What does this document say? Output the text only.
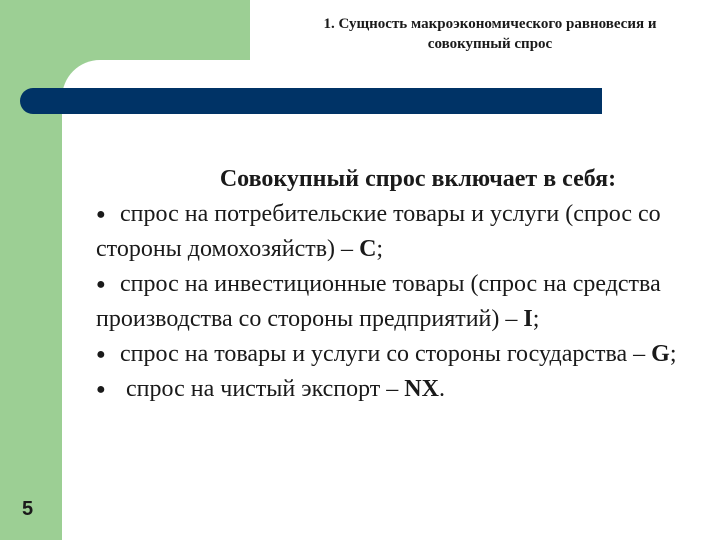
1. Сущность макроэкономического равновесия и
совокупный спрос

Совокупный спрос включает в себя:

● спрос на потребительские товары и услуги (спрос со стороны домохозяйств) – C;
● спрос на инвестиционные товары (спрос на средства производства со стороны предприятий) – I;
● спрос на товары и услуги со стороны государства – G;
● спрос на чистый экспорт – NX.
5
